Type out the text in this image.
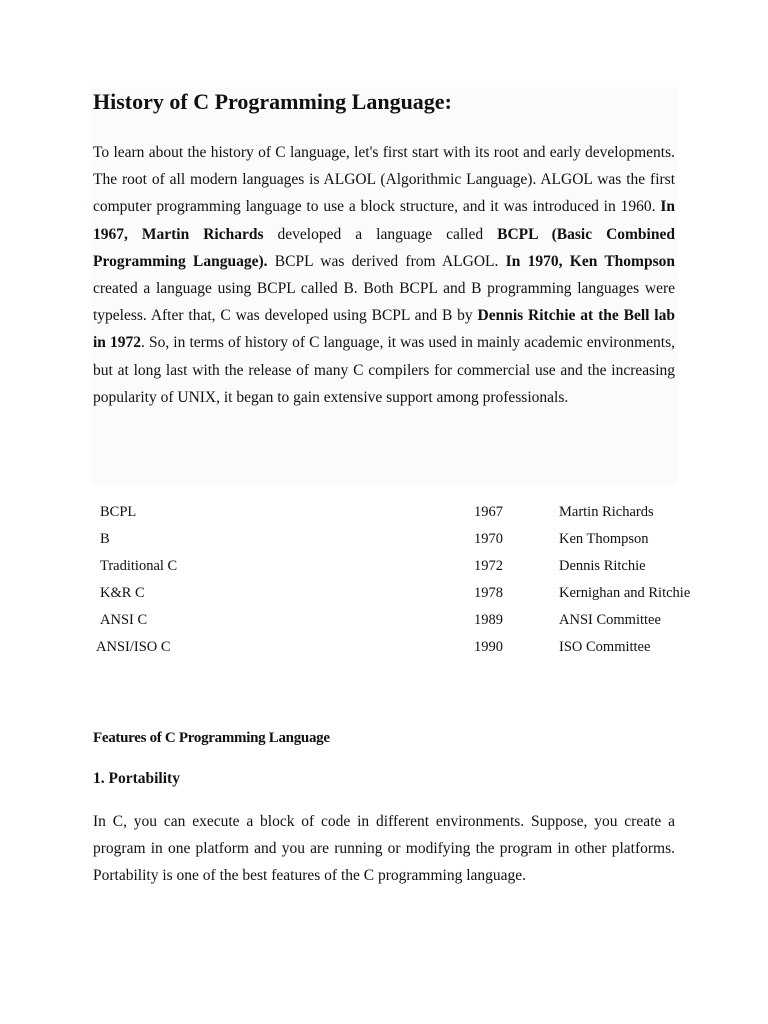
History of C Programming Language:

To learn about the history of C language, let's first start with its root and early developments. The root of all modern languages is ALGOL (Algorithmic Language). ALGOL was the first computer programming language to use a block structure, and it was introduced in 1960. In 1967, Martin Richards developed a language called BCPL (Basic Combined Programming Language). BCPL was derived from ALGOL. In 1970, Ken Thompson created a language using BCPL called B. Both BCPL and B programming languages were typeless. After that, C was developed using BCPL and B by Dennis Ritchie at the Bell lab in 1972. So, in terms of history of C language, it was used in mainly academic environments, but at long last with the release of many C compilers for commercial use and the increasing popularity of UNIX, it began to gain extensive support among professionals.

BCPL	1967	Martin Richards
B	1970	Ken Thompson
Traditional C	1972	Dennis Ritchie
K&R C	1978	Kernighan and Ritchie
ANSI C	1989	ANSI Committee
ANSI/ISO C	1990	ISO Committee
Features of C Programming Language
1. Portability

In C, you can execute a block of code in different environments. Suppose, you create a program in one platform and you are running or modifying the program in other platforms. Portability is one of the best features of the C programming language.
